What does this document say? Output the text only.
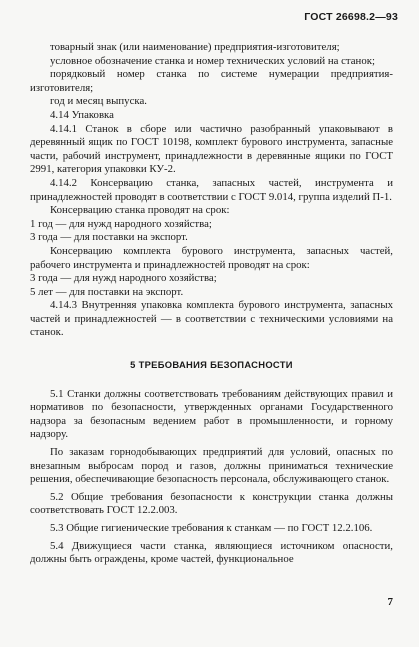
ГОСТ 26698.2—93

товарный знак (или наименование) предприятия-изготовителя;

условное обозначение станка и номер технических условий на станок;

порядковый номер станка по системе нумерации предприятия-изготовителя;

год и месяц выпуска.

4.14 Упаковка

4.14.1 Станок в сборе или частично разобранный упаковывают в деревянный ящик по ГОСТ 10198, комплект бурового инструмента, запасные части, рабочий инструмент, принадлежности в деревянные ящики по ГОСТ 2991, категория упаковки КУ-2.

4.14.2 Консервацию станка, запасных частей, инструмента и принадлежностей проводят в соответствии с ГОСТ 9.014, группа изделий П-1.

Консервацию станка проводят на срок:

1 год — для нужд народного хозяйства;

3 года — для поставки на экспорт.

Консервацию комплекта бурового инструмента, запасных частей, рабочего инструмента и принадлежностей проводят на срок:

3 года — для нужд народного хозяйства;

5 лет — для поставки на экспорт.

4.14.3 Внутренняя упаковка комплекта бурового инструмента, запасных частей и принадлежностей — в соответствии с техническими условиями на станок.

5 ТРЕБОВАНИЯ БЕЗОПАСНОСТИ

5.1 Станки должны соответствовать требованиям действующих правил и нормативов по безопасности, утвержденных органами Государственного надзора за безопасным ведением работ в промышленности, и горному надзору.

По заказам горнодобывающих предприятий для условий, опасных по внезапным выбросам пород и газов, должны приниматься технические решения, обеспечивающие безопасность персонала, обслуживающего станок.

5.2 Общие требования безопасности к конструкции станка должны соответствовать ГОСТ 12.2.003.

5.3 Общие гигиенические требования к станкам — по ГОСТ 12.2.106.

5.4 Движущиеся части станка, являющиеся источником опасности, должны быть ограждены, кроме частей, функциональное

7
